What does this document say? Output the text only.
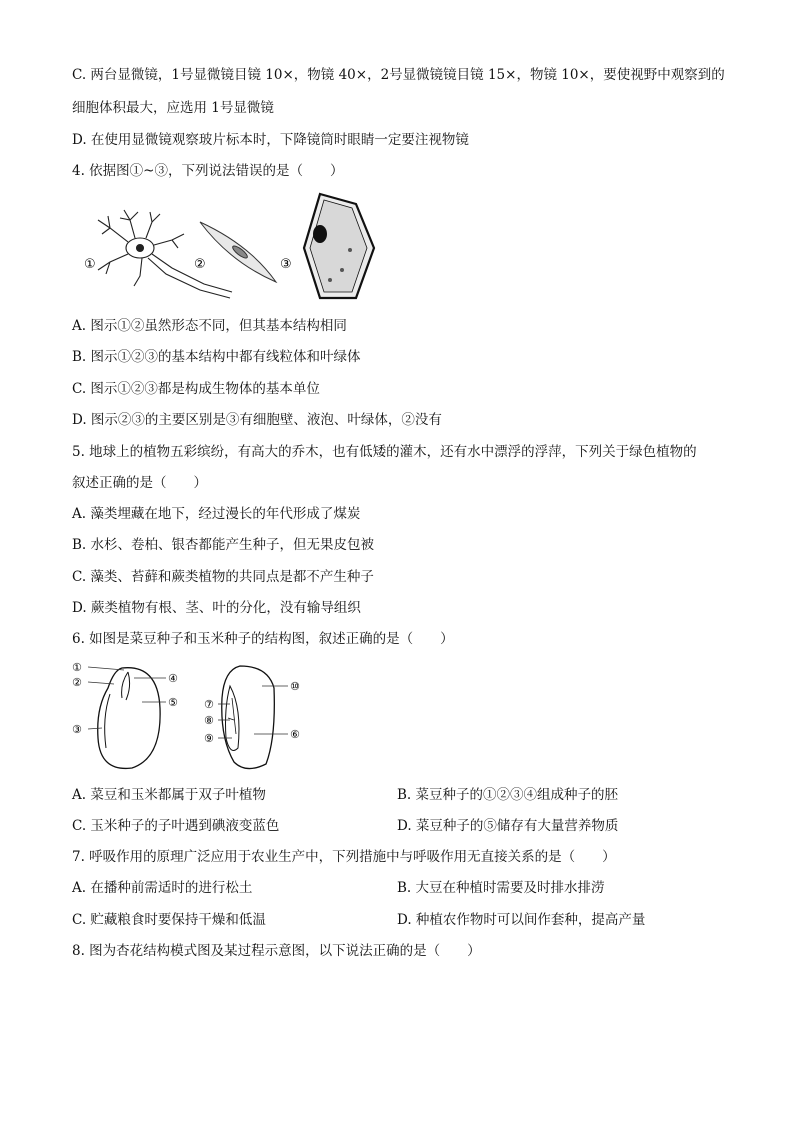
C. 两台显微镜，1号显微镜目镜 10×，物镜 40×，2号显微镜镜目镜 15×，物镜 10×，要使视野中观察到的
细胞体积最大，应选用 1号显微镜
D. 在使用显微镜观察玻片标本时，下降镜筒时眼睛一定要注视物镜
4. 依据图①~③，下列说法错误的是（　　）
①	②	③
A. 图示①②虽然形态不同，但其基本结构相同
B. 图示①②③的基本结构中都有线粒体和叶绿体
C. 图示①②③都是构成生物体的基本单位
D. 图示②③的主要区别是③有细胞壁、液泡、叶绿体，②没有
5. 地球上的植物五彩缤纷，有高大的乔木，也有低矮的灌木，还有水中漂浮的浮萍，下列关于绿色植物的
叙述正确的是（　　）
A. 藻类埋藏在地下，经过漫长的年代形成了煤炭
B. 水杉、卷柏、银杏都能产生种子，但无果皮包被
C. 藻类、苔藓和蕨类植物的共同点是都不产生种子
D. 蕨类植物有根、茎、叶的分化，没有输导组织
6. 如图是菜豆种子和玉米种子的结构图，叙述正确的是（　　）
①
②
③
④
⑤ ⑦
⑧
⑨
⑩
⑥
A. 菜豆和玉米都属于双子叶植物	B. 菜豆种子的①②③④组成种子的胚
C. 玉米种子的子叶遇到碘液变蓝色	D. 菜豆种子的⑤储存有大量营养物质
7. 呼吸作用的原理广泛应用于农业生产中，下列措施中与呼吸作用无直接关系的是（　　）
A. 在播种前需适时的进行松土	B. 大豆在种植时需要及时排水排涝
C. 贮藏粮食时要保持干燥和低温	D. 种植农作物时可以间作套种，提高产量
8. 图为杏花结构模式图及某过程示意图，以下说法正确的是（　　）
